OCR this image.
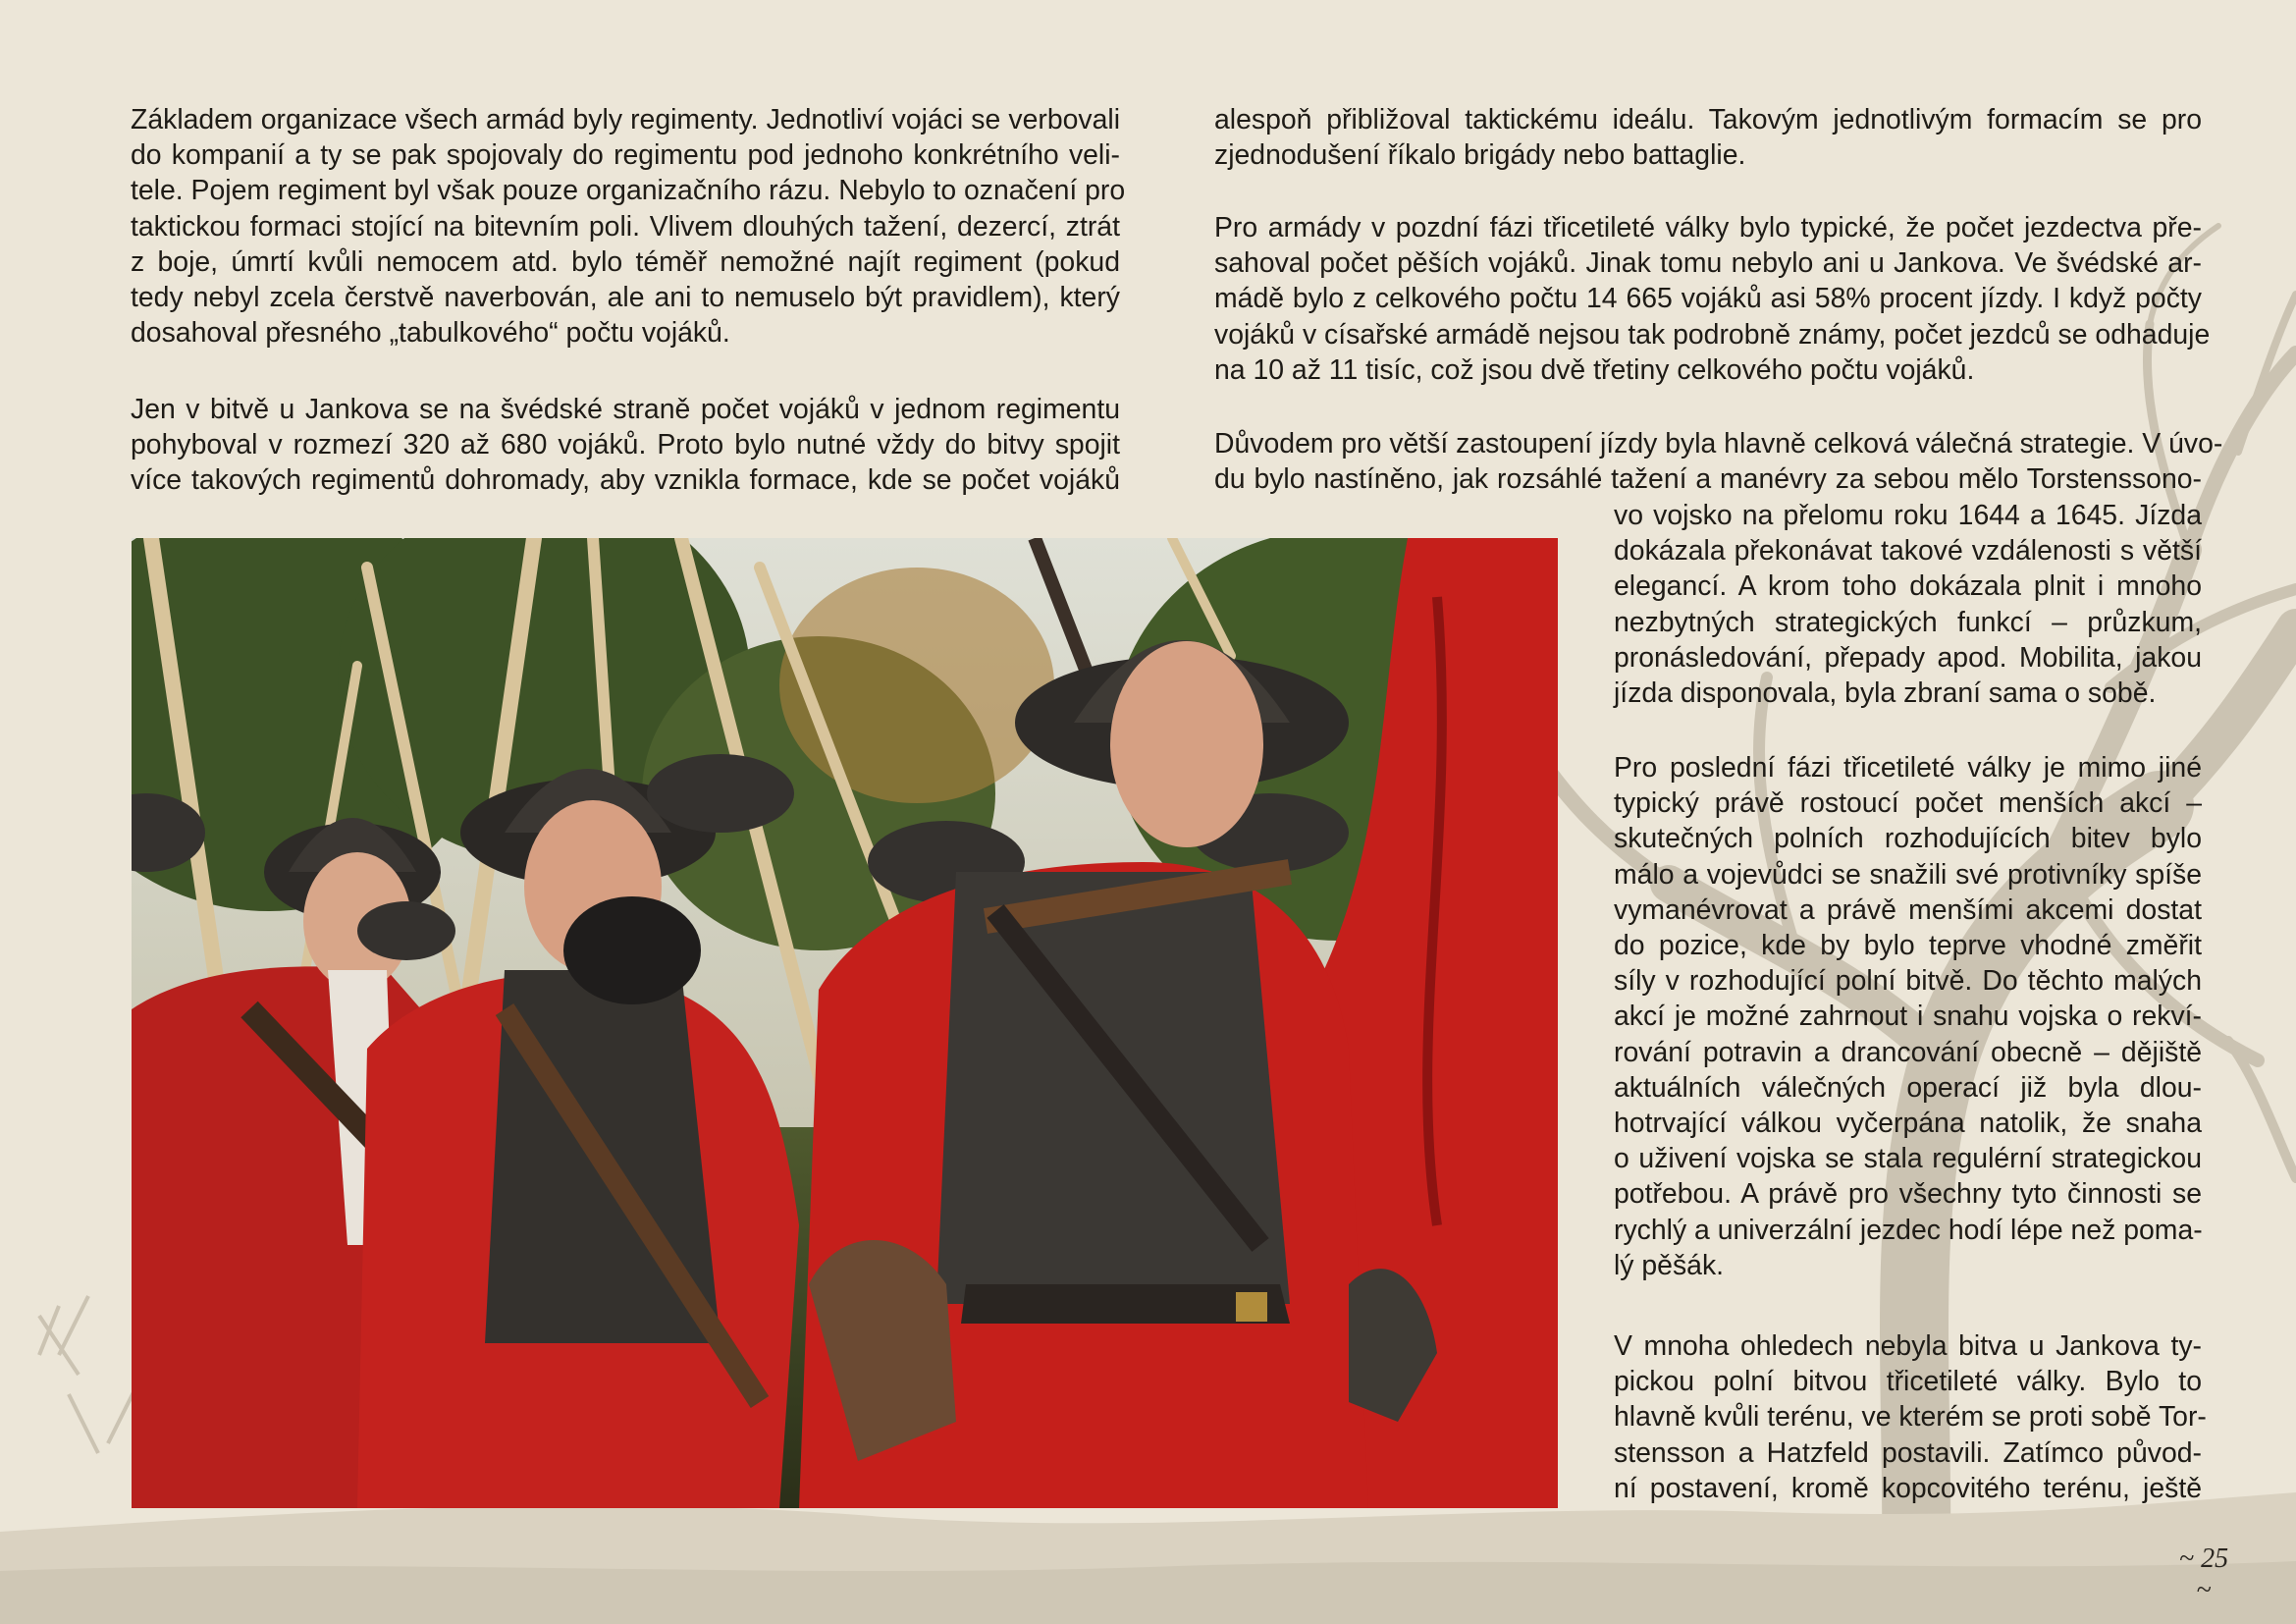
Základem organizace všech armád byly regimenty. Jednotliví vojáci se verbovali
do kompanií a ty se pak spojovaly do regimentu pod jednoho konkrétního veli-
tele. Pojem regiment byl však pouze organizačního rázu. Nebylo to označení pro
taktickou formaci stojící na bitevním poli. Vlivem dlouhých tažení, dezercí, ztrát
z boje, úmrtí kvůli nemocem atd. bylo téměř nemožné najít regiment (pokud
tedy nebyl zcela čerstvě naverbován, ale ani to nemuselo být pravidlem), který
dosahoval přesného „tabulkového“ počtu vojáků.

Jen v bitvě u Jankova se na švédské straně počet vojáků v jednom regimentu
pohyboval v rozmezí 320 až 680 vojáků. Proto bylo nutné vždy do bitvy spojit
více takových regimentů dohromady, aby vznikla formace, kde se počet vojáků

alespoň přibližoval taktickému ideálu. Takovým jednotlivým formacím se pro
zjednodušení říkalo brigády nebo battaglie.

Pro armády v pozdní fázi třicetileté války bylo typické, že počet jezdectva pře-
sahoval počet pěších vojáků. Jinak tomu nebylo ani u Jankova. Ve švédské ar-
mádě bylo z celkového počtu 14 665 vojáků asi 58% procent jízdy. I když počty
vojáků v císařské armádě nejsou tak podrobně známy, počet jezdců se odhaduje
na 10 až 11 tisíc, což jsou dvě třetiny celkového počtu vojáků.

Důvodem pro větší zastoupení jízdy byla hlavně celková válečná strategie. V úvo-
du bylo nastíněno, jak rozsáhlé tažení a manévry za sebou mělo Torstenssono-

vo vojsko na přelomu roku 1644 a 1645. Jízda
dokázala překonávat takové vzdálenosti s větší
elegancí. A krom toho dokázala plnit i mnoho
nezbytných strategických funkcí – průzkum,
pronásledování, přepady apod. Mobilita, jakou
jízda disponovala, byla zbraní sama o sobě.

Pro poslední fázi třicetileté války je mimo jiné
typický právě rostoucí počet menších akcí –
skutečných polních rozhodujících bitev bylo
málo a vojevůdci se snažili své protivníky spíše
vymanévrovat a právě menšími akcemi dostat
do pozice, kde by bylo teprve vhodné změřit
síly v rozhodující polní bitvě. Do těchto malých
akcí je možné zahrnout i snahu vojska o rekví-
rování potravin a drancování obecně – dějiště
aktuálních válečných operací již byla dlou-
hotrvající válkou vyčerpána natolik, že snaha
o uživení vojska se stala regulérní strategickou
potřebou. A právě pro všechny tyto činnosti se
rychlý a univerzální jezdec hodí lépe než poma-
lý pěšák.

V mnoha ohledech nebyla bitva u Jankova ty-
pickou polní bitvou třicetileté války. Bylo to
hlavně kvůli terénu, ve kterém se proti sobě Tor-
stensson a Hatzfeld postavili. Zatímco původ-
ní postavení, kromě kopcovitého terénu, ještě

~ 25 ~
